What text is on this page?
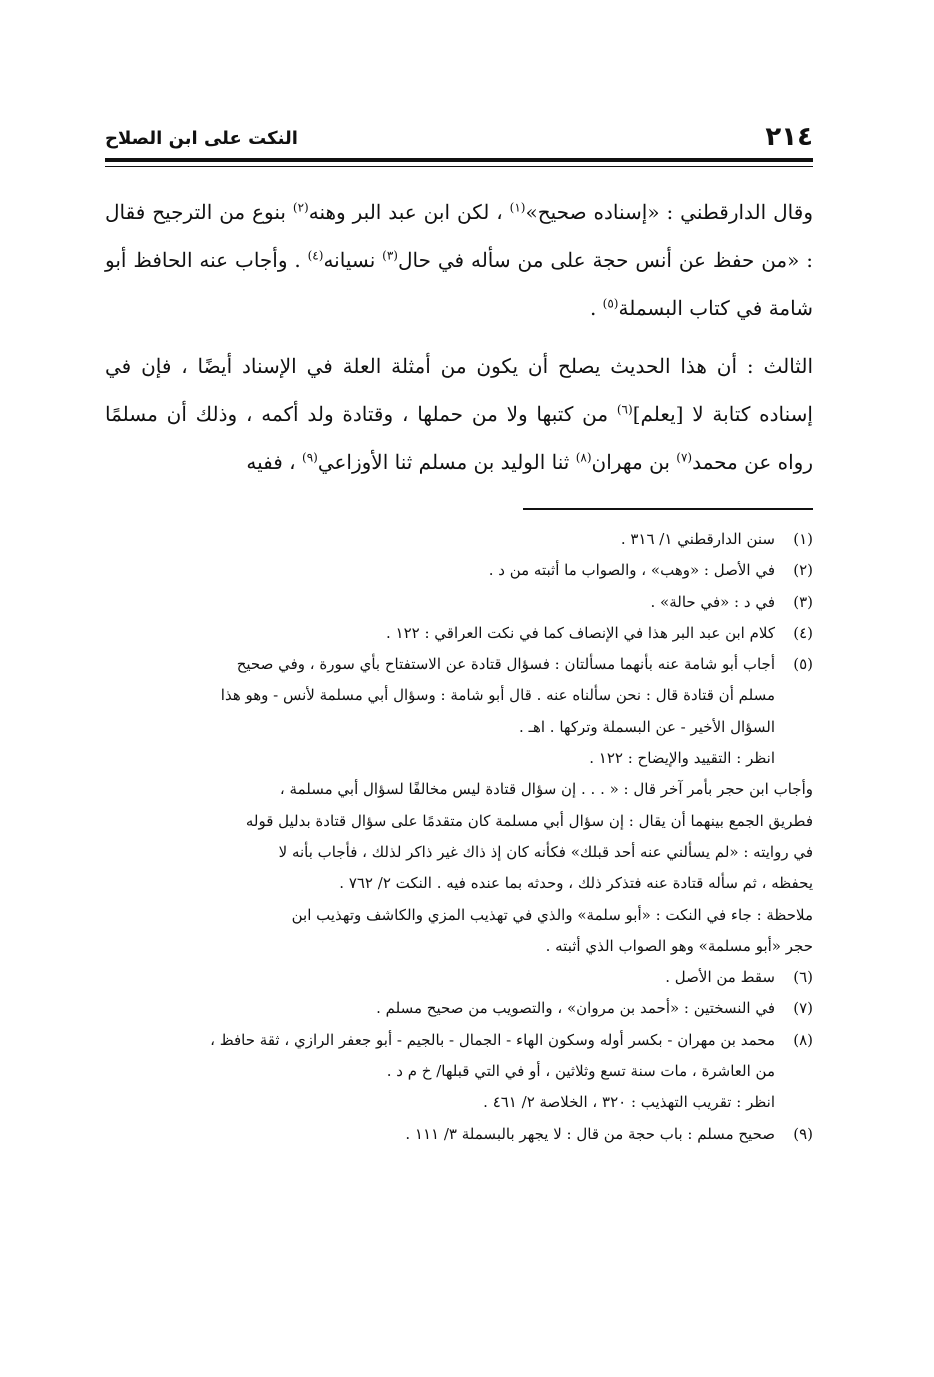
٢١٤
النكت على ابن الصلاح

وقال الدارقطني : «إسناده صحيح»$^{(١)}$ ، لكن ابن عبد البر وهنه$^{(٢)}$ بنوع من الترجيح فقال : «من حفظ عن أنس حجة على من سأله في حال$^{(٣)}$ نسيانه$^{(٤)}$ . وأجاب عنه الحافظ أبو شامة في كتاب البسملة$^{(٥)}$ .

الثالث : أن هذا الحديث يصلح أن يكون من أمثلة العلة في الإسناد أيضًا ، فإن في إسناده كتابة لا [يعلم]$^{(٦)}$ من كتبها ولا من حملها ، وقتادة ولد أكمه ، وذلك أن مسلمًا رواه عن محمد$^{(٧)}$ بن مهران$^{(٨)}$ ثنا الوليد بن مسلم ثنا الأوزاعي$^{(٩)}$ ، ففيه

(١)
سنن الدارقطني ١/ ٣١٦ .
(٢)
في الأصل : «وهب» ، والصواب ما أثبته من د .
(٣)
في د : «في حالة» .
(٤)
كلام ابن عبد البر هذا في الإنصاف كما في نكت العراقي : ١٢٢ .
(٥)
أجاب أبو شامة عنه بأنهما مسألتان : فسؤال قتادة عن الاستفتاح بأي سورة ، وفي صحيح
مسلم أن قتادة قال : نحن سألناه عنه . قال أبو شامة : وسؤال أبي مسلمة لأنس - وهو هذا
السؤال الأخير - عن البسملة وتركها . اهـ .
انظر : التقييد والإيضاح : ١٢٢ .
وأجاب ابن حجر بأمر آخر قال : « . . . إن سؤال قتادة ليس مخالفًا لسؤال أبي مسلمة ،
فطريق الجمع بينهما أن يقال : إن سؤال أبي مسلمة كان متقدمًا على سؤال قتادة بدليل قوله
في روايته : «لم يسألني عنه أحد قبلك» فكأنه كان إذ ذاك غير ذاكر لذلك ، فأجاب بأنه لا
يحفظه ، ثم سأله قتادة عنه فتذكر ذلك ، وحدثه بما عنده فيه . النكت ٢/ ٧٦٢ .
ملاحظة : جاء في النكت : «أبو سلمة» والذي في تهذيب المزي والكاشف وتهذيب ابن
حجر «أبو مسلمة» وهو الصواب الذي أثبته .
(٦)
سقط من الأصل .
(٧)
في النسختين : «أحمد بن مروان» ، والتصويب من صحيح مسلم .
(٨)
محمد بن مهران - بكسر أوله وسكون الهاء - الجمال - بالجيم - أبو جعفر الرازي ، ثقة حافظ ،
من العاشرة ، مات سنة تسع وثلاثين ، أو في التي قبلها/ خ م د .
انظر : تقريب التهذيب : ٣٢٠ ، الخلاصة ٢/ ٤٦١ .
(٩)
صحيح مسلم : باب حجة من قال : لا يجهر بالبسملة ٣/ ١١١ .
